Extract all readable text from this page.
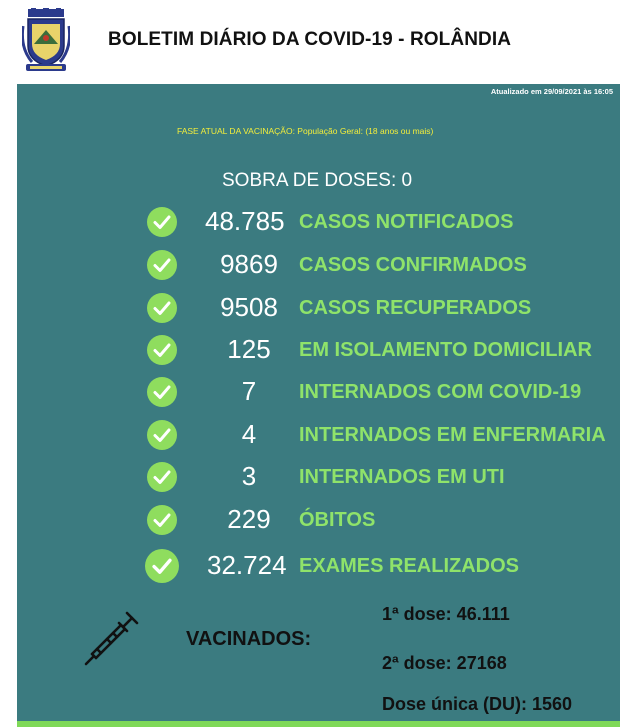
BOLETIM DIÁRIO DA COVID-19 - ROLÂNDIA
Atualizado em 29/09/2021 às 16:05
FASE ATUAL DA VACINAÇÃO: População Geral: (18 anos ou mais)
SOBRA DE DOSES: 0
48.785 CASOS NOTIFICADOS
9869	CASOS CONFIRMADOS
9508	CASOS RECUPERADOS
125	EM ISOLAMENTO DOMICILIAR
7	INTERNADOS COM COVID-19
4	INTERNADOS EM ENFERMARIA
3	INTERNADOS EM UTI
229	ÓBITOS
32.724 EXAMES REALIZADOS
VACINADOS:
1ª dose: 46.111
2ª dose: 27168
Dose única (DU): 1560
